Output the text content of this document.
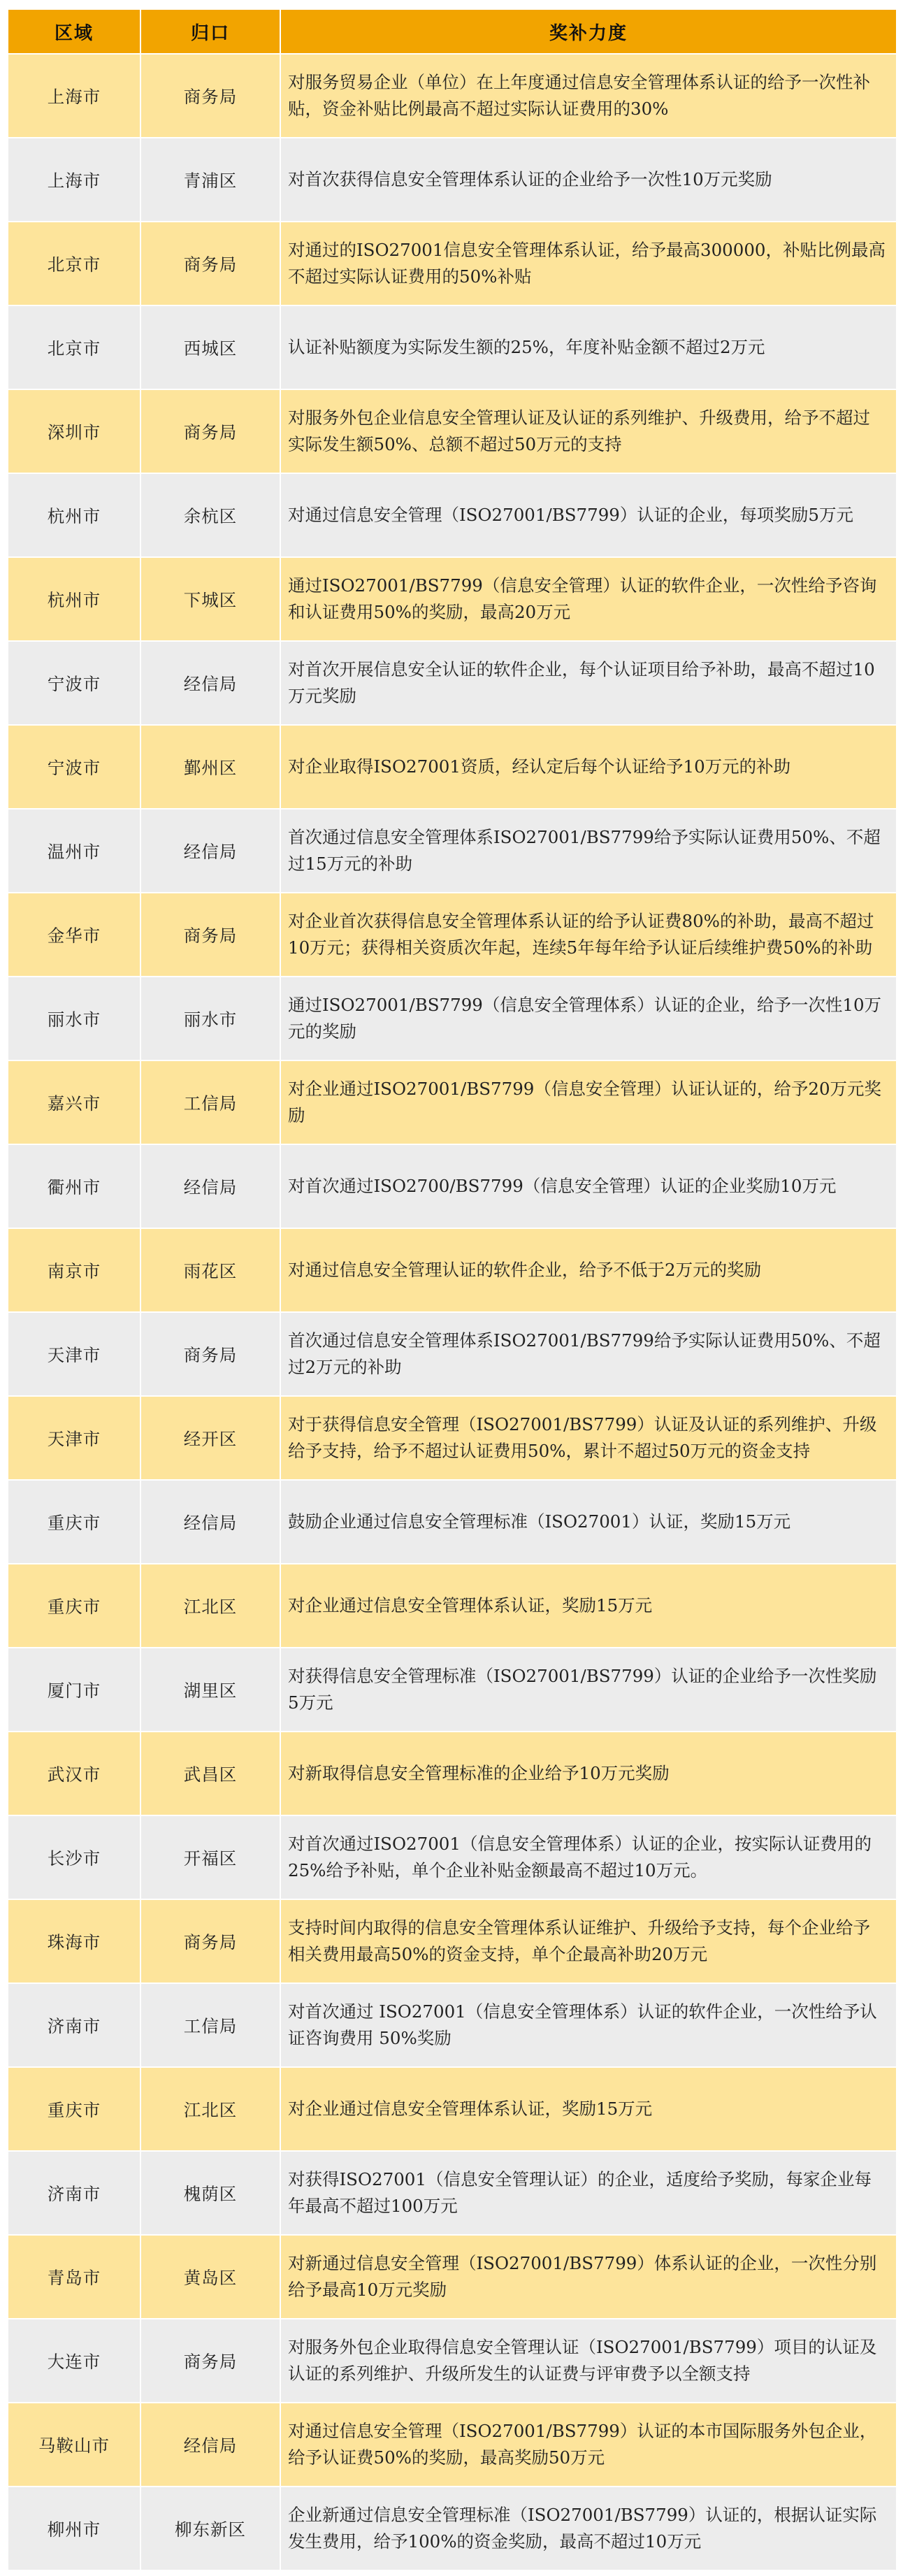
区域	归口	奖补力度
上海市	商务局	对服务贸易企业（单位）在上年度通过信息安全管理体系认证的给予一次性补贴，资金补贴比例最高不超过实际认证费用的30%
上海市	青浦区	对首次获得信息安全管理体系认证的企业给予一次性10万元奖励
北京市	商务局	对通过的ISO27001信息安全管理体系认证，给予最高300000，补贴比例最高不超过实际认证费用的50%补贴
北京市	西城区	认证补贴额度为实际发生额的25%，年度补贴金额不超过2万元
深圳市	商务局	对服务外包企业信息安全管理认证及认证的系列维护、升级费用，给予不超过实际发生额50%、总额不超过50万元的支持
杭州市	余杭区	对通过信息安全管理（ISO27001/BS7799）认证的企业，每项奖励5万元
杭州市	下城区	通过ISO27001/BS7799（信息安全管理）认证的软件企业，一次性给予咨询和认证费用50%的奖励，最高20万元
宁波市	经信局	对首次开展信息安全认证的软件企业，每个认证项目给予补助，最高不超过10万元奖励
宁波市	鄞州区	对企业取得ISO27001资质，经认定后每个认证给予10万元的补助
温州市	经信局	首次通过信息安全管理体系ISO27001/BS7799给予实际认证费用50%、不超过15万元的补助
金华市	商务局	对企业首次获得信息安全管理体系认证的给予认证费80%的补助，最高不超过10万元；获得相关资质次年起，连续5年每年给予认证后续维护费50%的补助
丽水市	丽水市	通过ISO27001/BS7799（信息安全管理体系）认证的企业，给予一次性10万元的奖励
嘉兴市	工信局	对企业通过ISO27001/BS7799（信息安全管理）认证认证的，给予20万元奖励
衢州市	经信局	对首次通过ISO2700/BS7799（信息安全管理）认证的企业奖励10万元
南京市	雨花区	对通过信息安全管理认证的软件企业，给予不低于2万元的奖励
天津市	商务局	首次通过信息安全管理体系ISO27001/BS7799给予实际认证费用50%、不超过2万元的补助
天津市	经开区	对于获得信息安全管理（ISO27001/BS7799）认证及认证的系列维护、升级给予支持，给予不超过认证费用50%，累计不超过50万元的资金支持
重庆市	经信局	鼓励企业通过信息安全管理标准（ISO27001）认证，奖励15万元
重庆市	江北区	对企业通过信息安全管理体系认证，奖励15万元
厦门市	湖里区	对获得信息安全管理标准（ISO27001/BS7799）认证的企业给予一次性奖励5万元
武汉市	武昌区	对新取得信息安全管理标准的企业给予10万元奖励
长沙市	开福区	对首次通过ISO27001（信息安全管理体系）认证的企业，按实际认证费用的25%给予补贴，单个企业补贴金额最高不超过10万元。
珠海市	商务局	支持时间内取得的信息安全管理体系认证维护、升级给予支持，每个企业给予相关费用最高50%的资金支持，单个企最高补助20万元
济南市	工信局	对首次通过 ISO27001（信息安全管理体系）认证的软件企业，一次性给予认证咨询费用 50%奖励
重庆市	江北区	对企业通过信息安全管理体系认证，奖励15万元
济南市	槐荫区	对获得ISO27001（信息安全管理认证）的企业，适度给予奖励，每家企业每年最高不超过100万元
青岛市	黄岛区	对新通过信息安全管理（ISO27001/BS7799）体系认证的企业，一次性分别给予最高10万元奖励
大连市	商务局	对服务外包企业取得信息安全管理认证（ISO27001/BS7799）项目的认证及认证的系列维护、升级所发生的认证费与评审费予以全额支持
马鞍山市	经信局	对通过信息安全管理（ISO27001/BS7799）认证的本市国际服务外包企业，给予认证费50%的奖励，最高奖励50万元
柳州市	柳东新区	企业新通过信息安全管理标准（ISO27001/BS7799）认证的，根据认证实际发生费用，给予100%的资金奖励，最高不超过10万元
